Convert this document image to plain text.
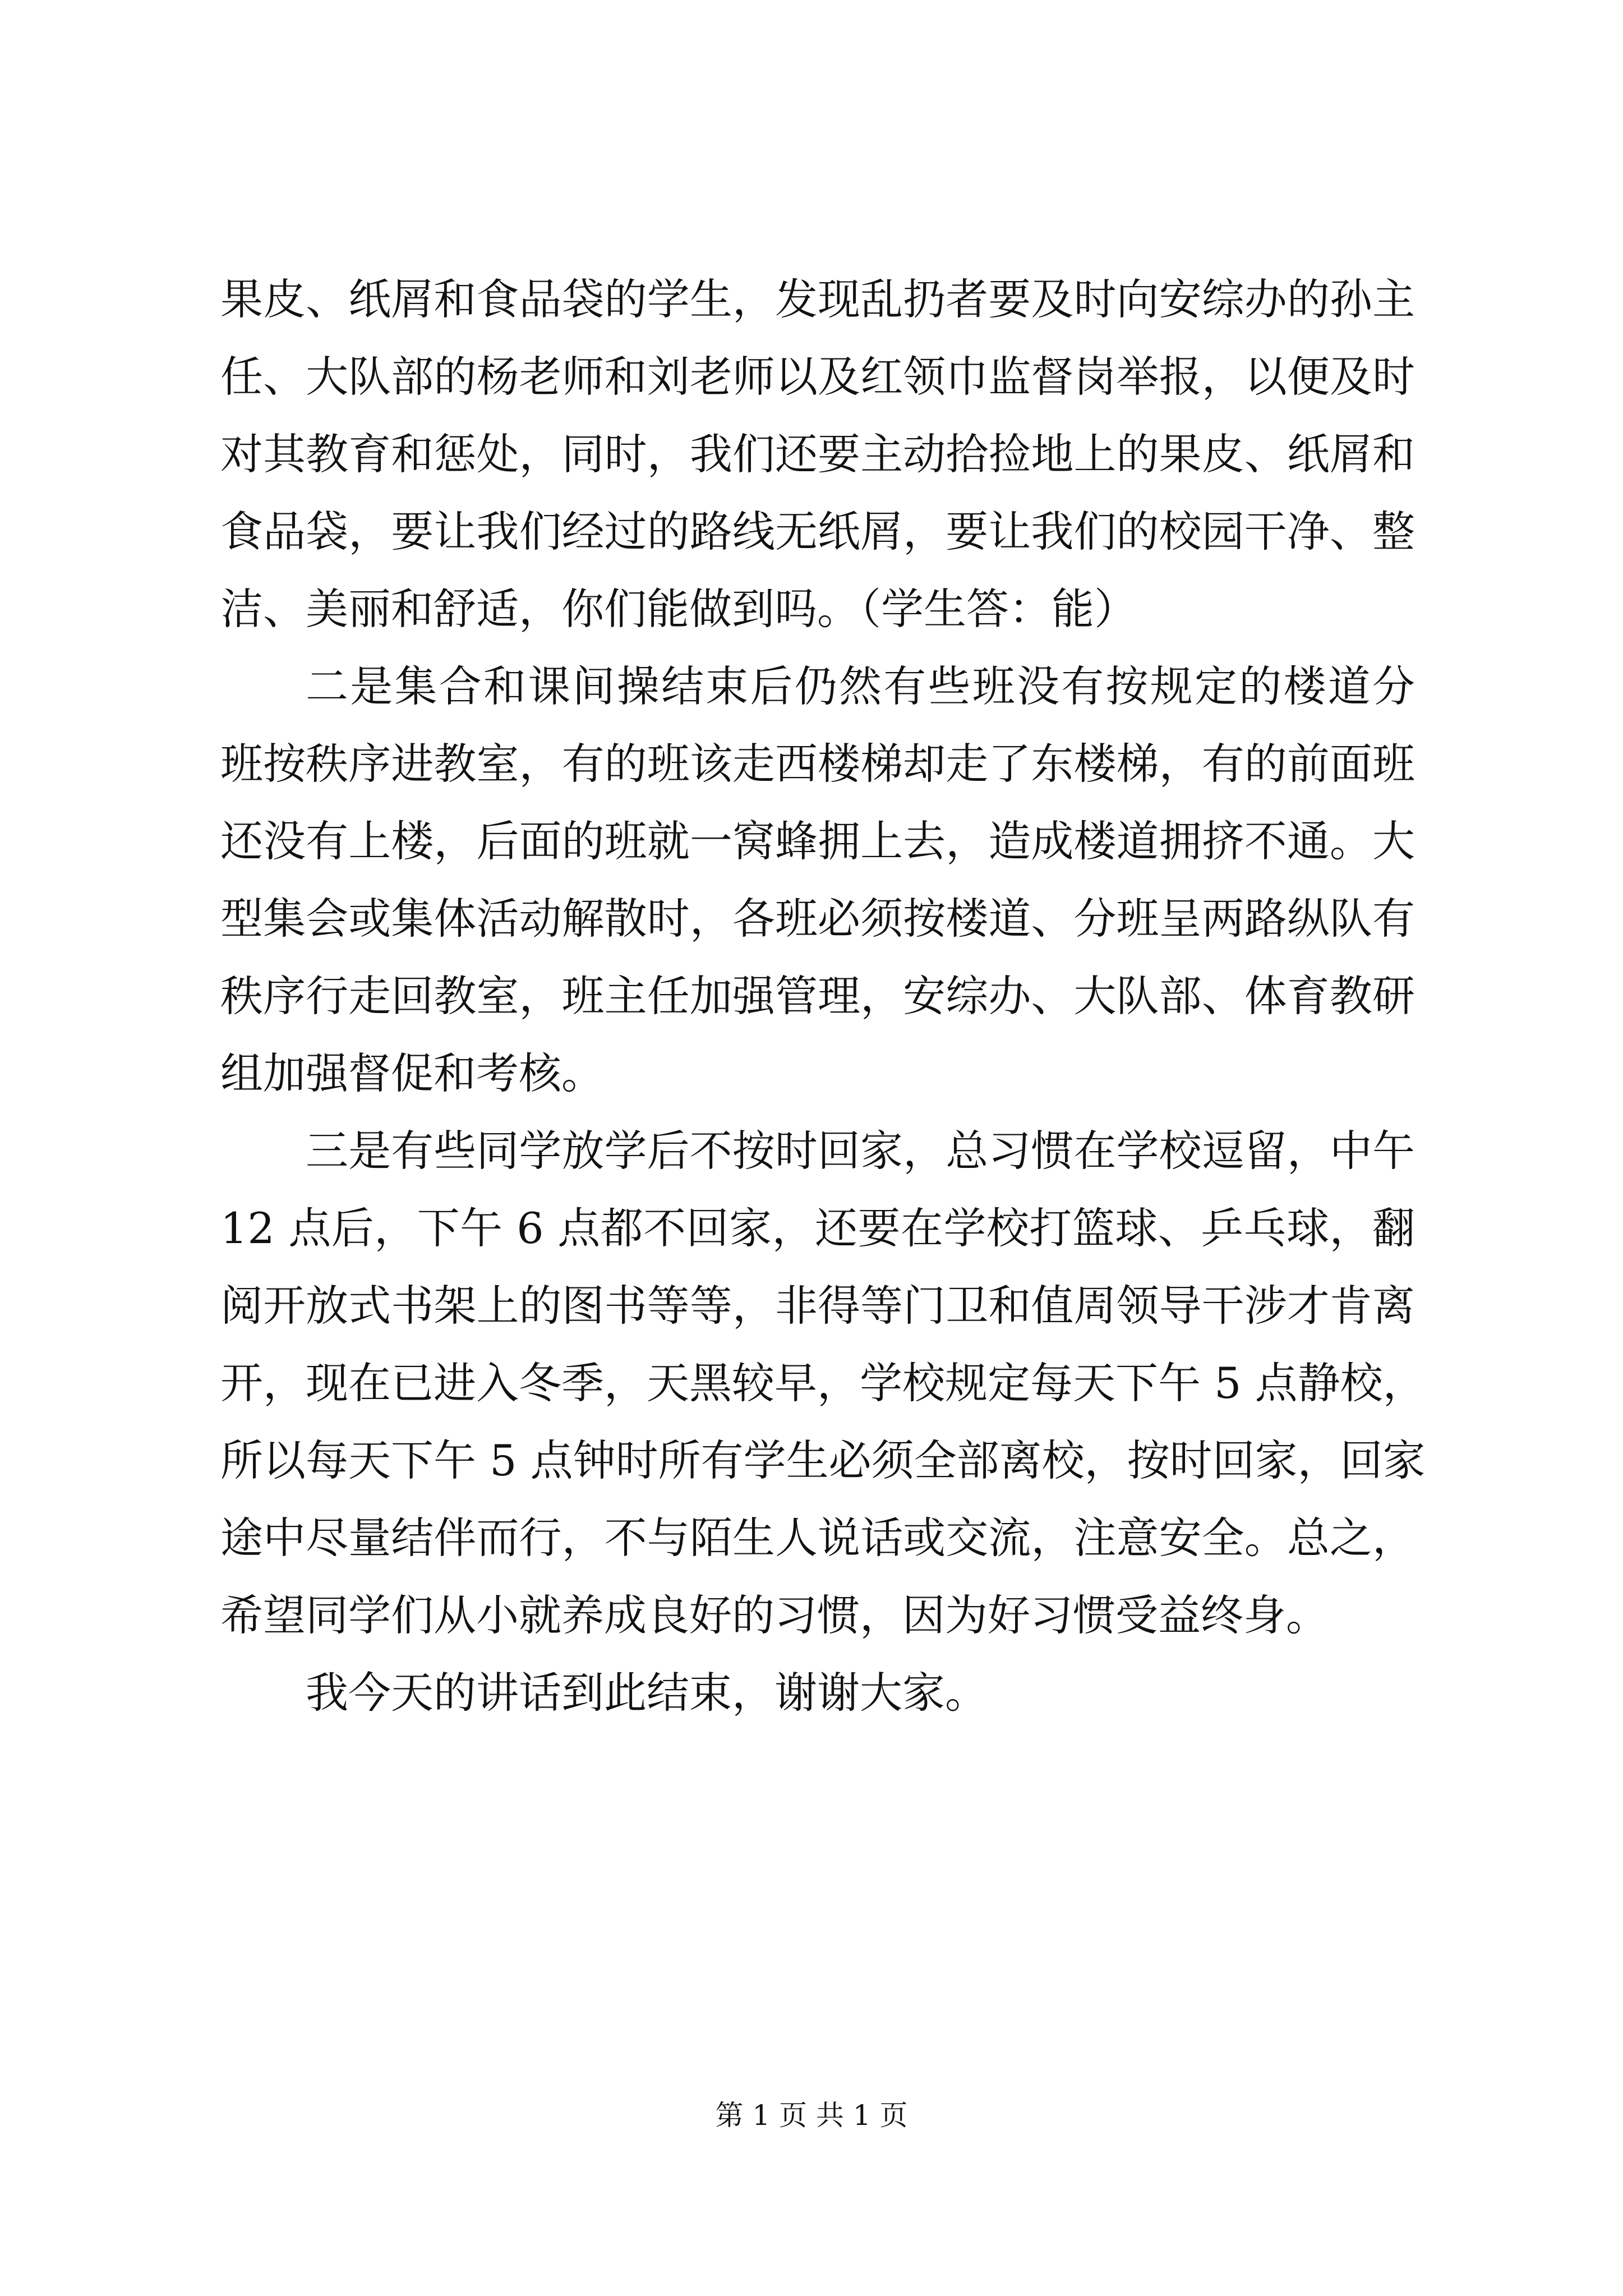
果皮、纸屑和食品袋的学生，发现乱扔者要及时向安综办的孙主
任、大队部的杨老师和刘老师以及红领巾监督岗举报，以便及时
对其教育和惩处，同时，我们还要主动拾捡地上的果皮、纸屑和
食品袋，要让我们经过的路线无纸屑，要让我们的校园干净、整
洁、美丽和舒适，你们能做到吗。（学生答：能）
二是集合和课间操结束后仍然有些班没有按规定的楼道分
班按秩序进教室，有的班该走西楼梯却走了东楼梯，有的前面班
还没有上楼，后面的班就一窝蜂拥上去，造成楼道拥挤不通。大
型集会或集体活动解散时，各班必须按楼道、分班呈两路纵队有
秩序行走回教室，班主任加强管理，安综办、大队部、体育教研
组加强督促和考核。
三是有些同学放学后不按时回家，总习惯在学校逗留，中午
12 点后，下午 6 点都不回家，还要在学校打篮球、乒乓球，翻
阅开放式书架上的图书等等，非得等门卫和值周领导干涉才肯离
开，现在已进入冬季，天黑较早，学校规定每天下午 5 点静校，
所以每天下午 5 点钟时所有学生必须全部离校，按时回家，回家
途中尽量结伴而行，不与陌生人说话或交流，注意安全。总之，
希望同学们从小就养成良好的习惯，因为好习惯受益终身。
我今天的讲话到此结束，谢谢大家。
第 1 页 共 1 页
